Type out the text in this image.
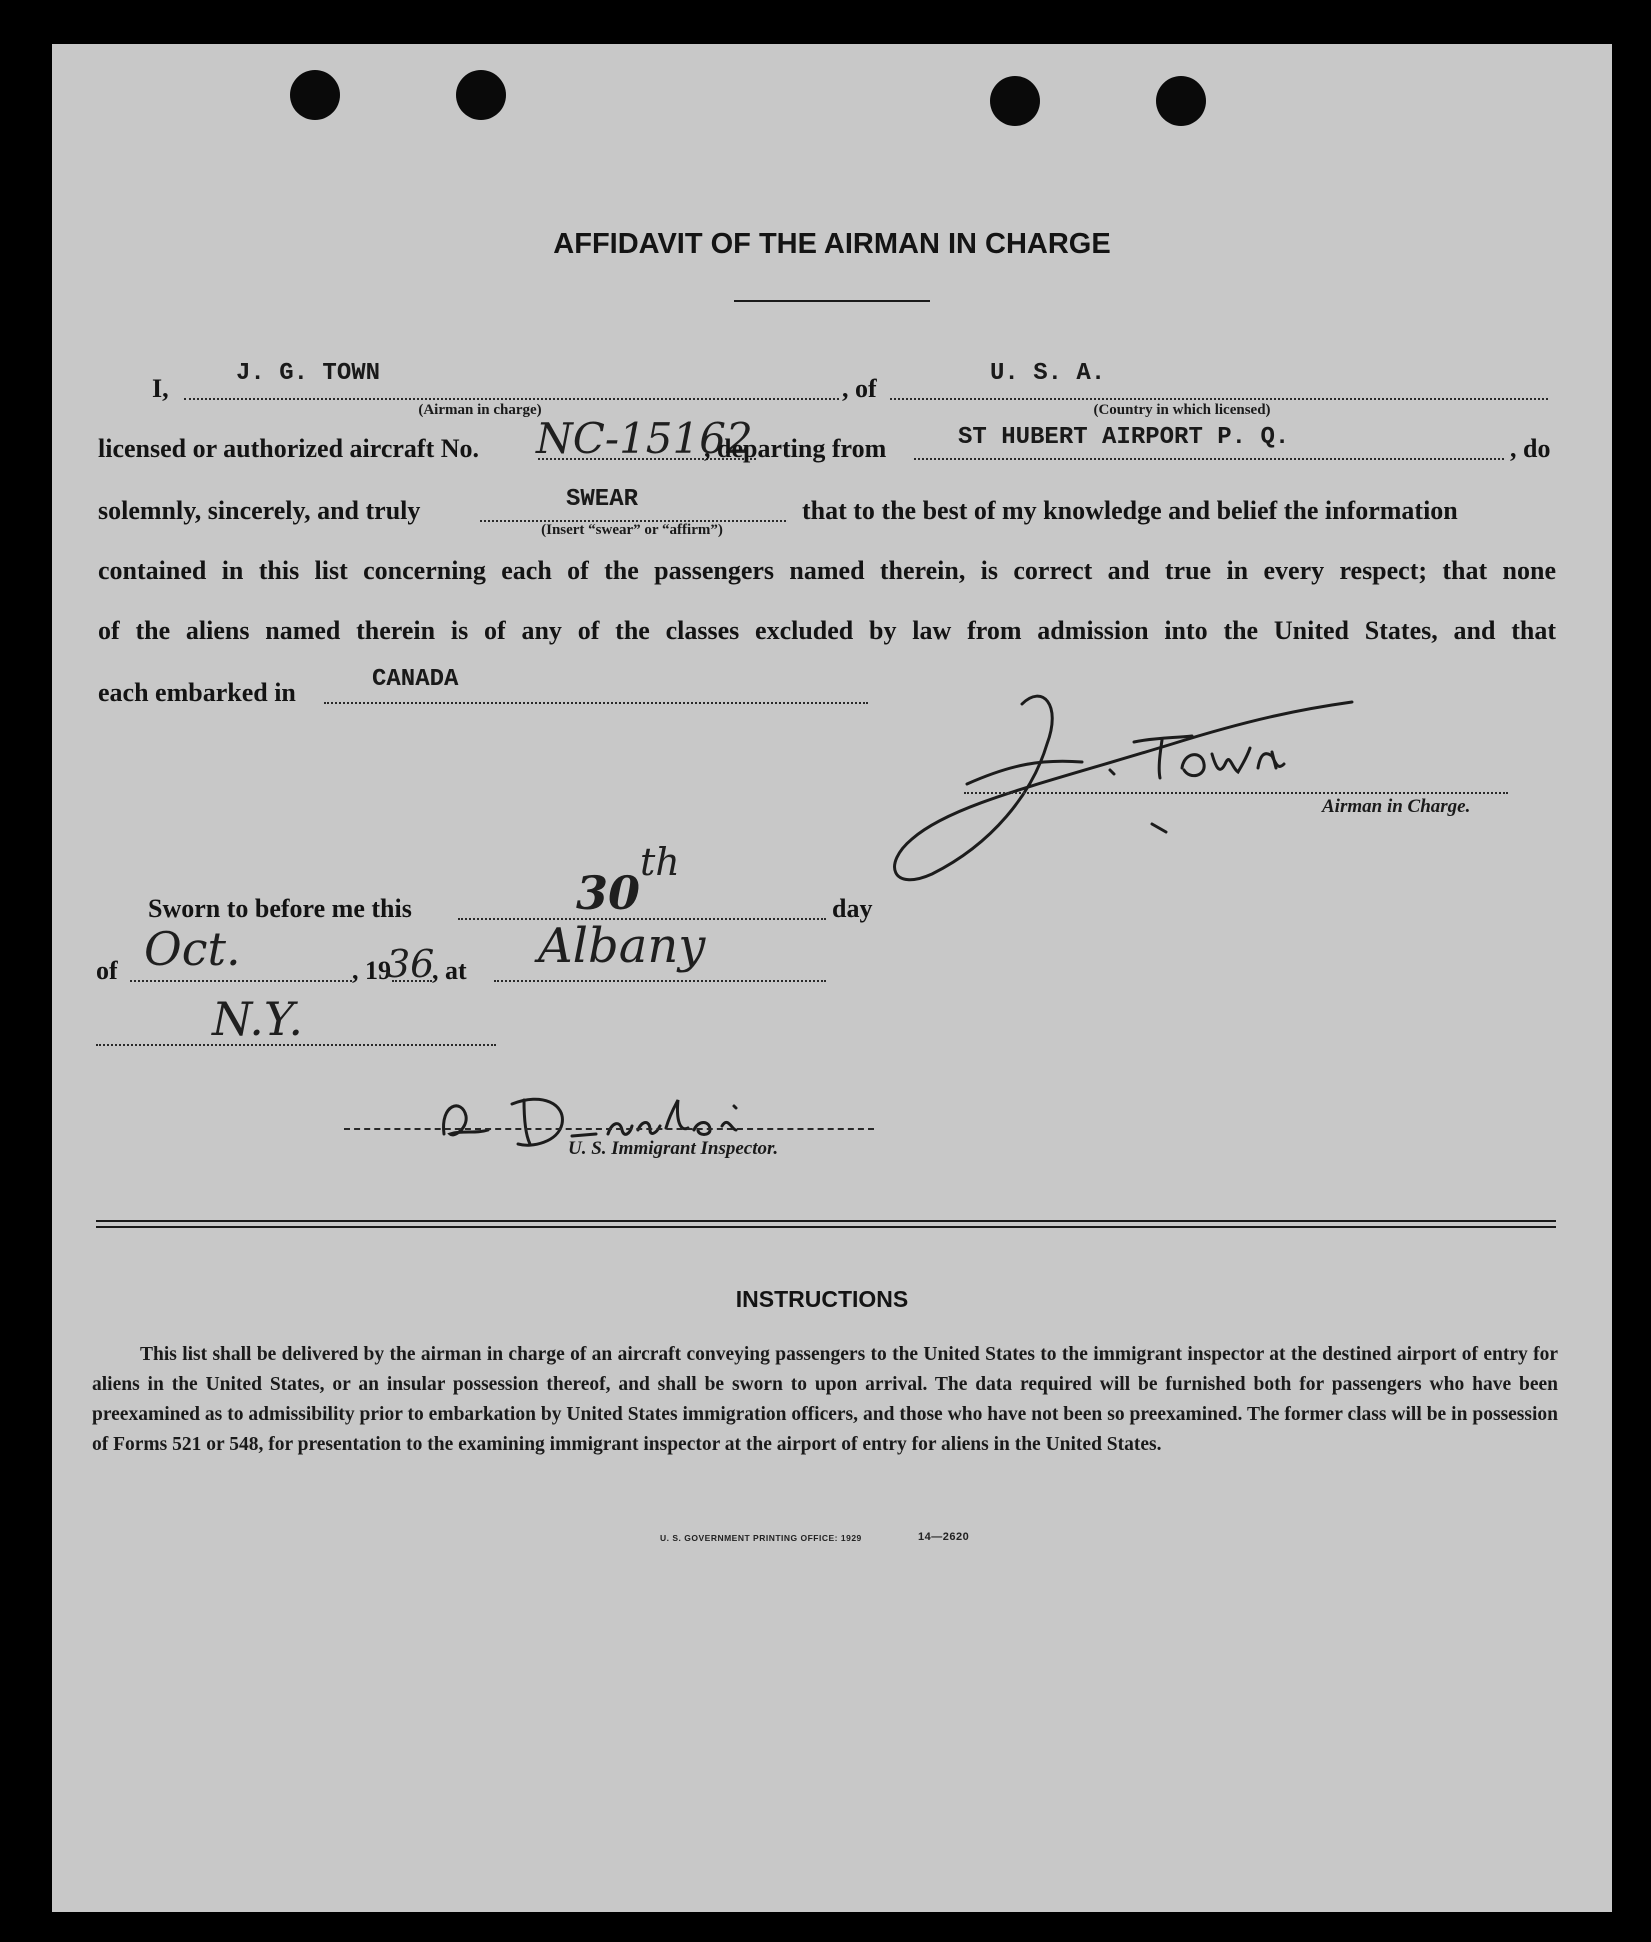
AFFIDAVIT OF THE AIRMAN IN CHARGE
I,
J. G. TOWN
(Airman in charge)
, of
U. S. A.
(Country in which licensed)
licensed or authorized aircraft No. NC-15162
, departing from	ST HUBERT AIRPORT P. Q.	, do
solemnly, sincerely, and truly	SWEAR
(Insert “swear” or “affirm”)
that to the best of my knowledge and belief the information
contained in this list concerning each of the passengers named therein, is correct and true in every respect; that none
of the aliens named therein is of any of the classes excluded by law from admission into the United States, and that
each embarked in	CANADA
Airman in Charge.
Sworn to before me this	30
th
day
of Oct.	, 19
36
, at Albany
N.Y.
U. S. Immigrant Inspector.
INSTRUCTIONS
This list shall be delivered by the airman in charge of an aircraft conveying passengers to the United States to the immigrant inspector at the destined airport of entry for aliens in the United States, or an insular possession thereof, and shall be sworn to upon arrival. The data required will be furnished both for passengers who have been preexamined as to admissibility prior to embarkation by United States immigration officers, and those who have not been so preexamined. The former class will be in possession of Forms 521 or 548, for presentation to the examining immigrant inspector at the airport of entry for aliens in the United States.
U. S. GOVERNMENT PRINTING OFFICE: 1929	14—2620
